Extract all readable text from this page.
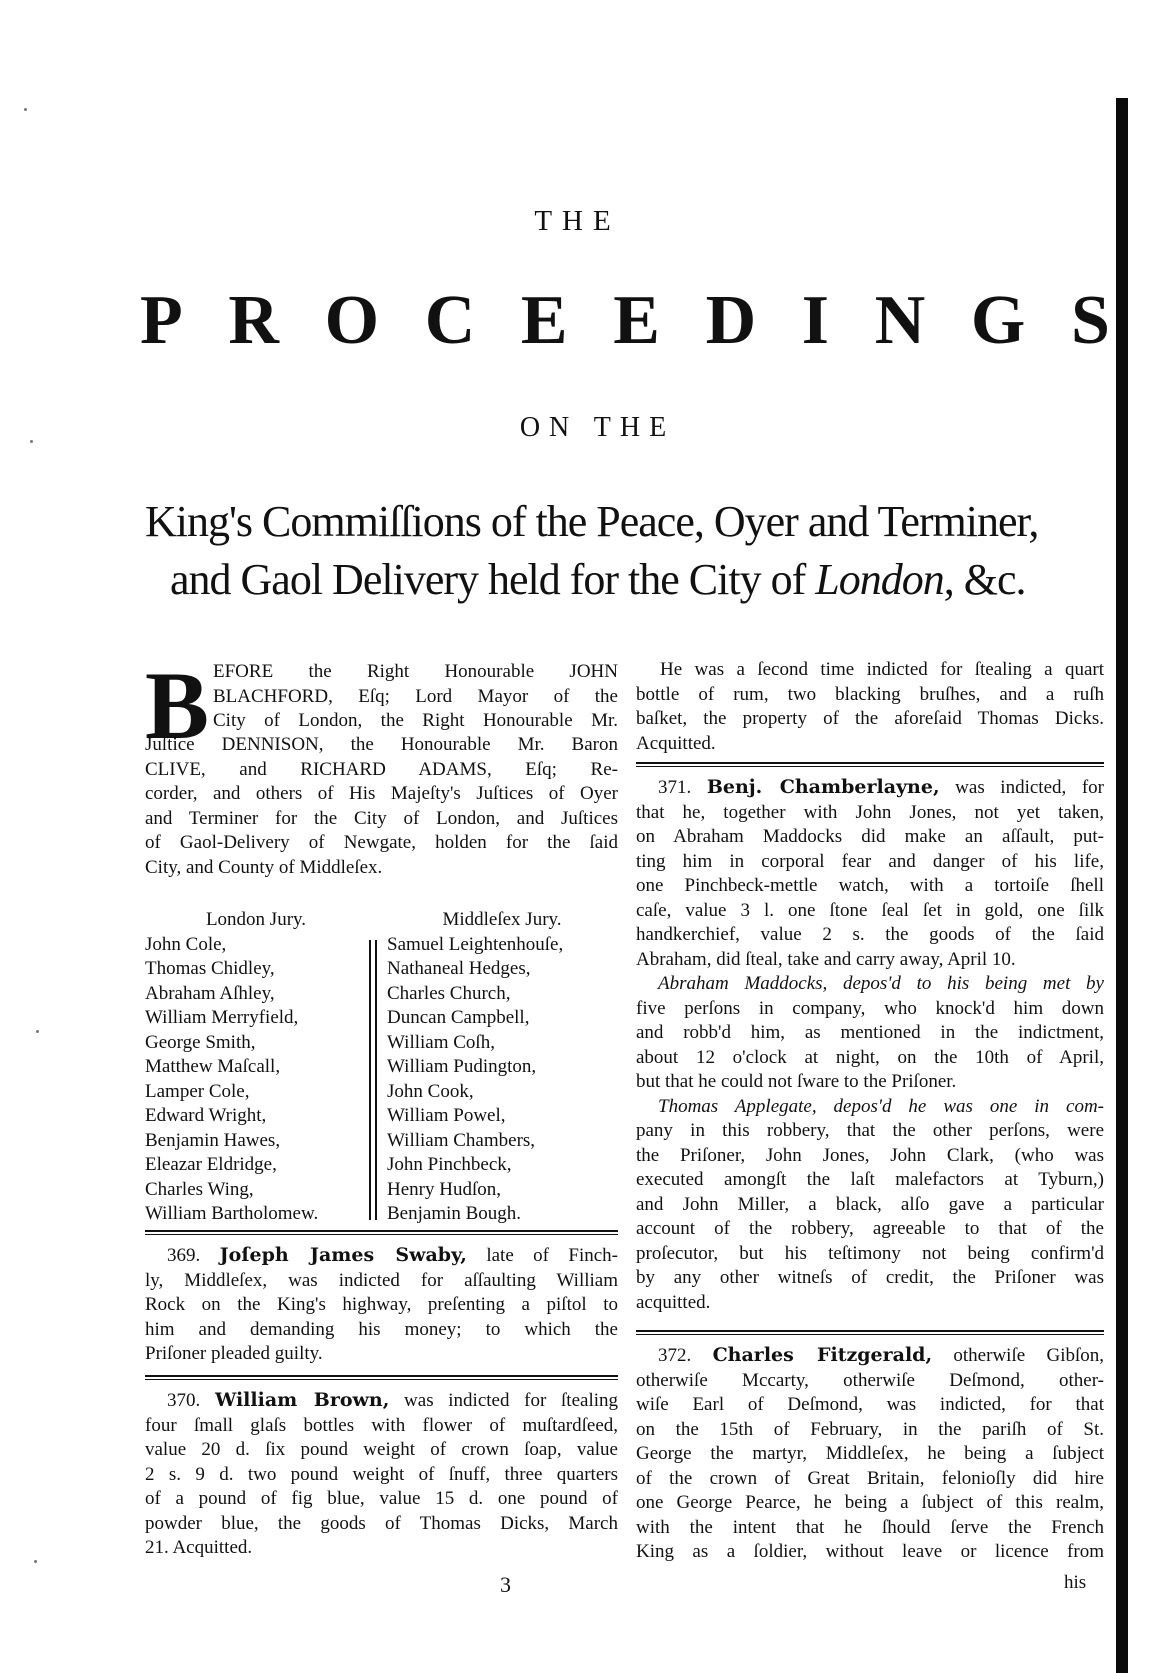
THE
P R O C E E D I N G S
ON THE
King's Commiſſions of the Peace, Oyer and Terminer,
and Gaol Delivery held for the City of London, &c.
B EFORE the Right Honourable JOHN
BLACHFORD, Eſq; Lord Mayor of the
City of London, the Right Honourable Mr.
Juſtice DENNISON, the Honourable Mr. Baron
CLIVE, and RICHARD ADAMS, Eſq; Re-
corder, and others of His Majeſty's Juſtices of Oyer
and Terminer for the City of London, and Juſtices
of Gaol-Delivery of Newgate, holden for the ſaid
City, and County of Middleſex.
London Jury.
John Cole,
Thomas Chidley,
Abraham Aſhley,
William Merryfield,
George Smith,
Matthew Maſcall,
Lamper Cole,
Edward Wright,
Benjamin Hawes,
Eleazar Eldridge,
Charles Wing,
William Bartholomew.
Middleſex Jury.
Samuel Leightenhouſe,
Nathaneal Hedges,
Charles Church,
Duncan Campbell,
William Coſh,
William Pudington,
John Cook,
William Powel,
William Chambers,
John Pinchbeck,
Henry Hudſon,
Benjamin Bough.
369. Joſeph James Swaby, late of Finch-
ly, Middleſex, was indicted for aſſaulting William
Rock on the King's highway, preſenting a piſtol to
him and demanding his money; to which the
Priſoner pleaded guilty.
370. William Brown, was indicted for ſtealing
four ſmall glaſs bottles with flower of muſtardſeed,
value 20 d. ſix pound weight of crown ſoap, value
2 s. 9 d. two pound weight of ſnuff, three quarters
of a pound of fig blue, value 15 d. one pound of
powder blue, the goods of Thomas Dicks, March
21. Acquitted.
He was a ſecond time indicted for ſtealing a quart
bottle of rum, two blacking bruſhes, and a ruſh
baſket, the property of the aforeſaid Thomas Dicks.
Acquitted.
371. Benj. Chamberlayne, was indicted, for
that he, together with John Jones, not yet taken,
on Abraham Maddocks did make an aſſault, put-
ting him in corporal fear and danger of his life,
one Pinchbeck-mettle watch, with a tortoiſe ſhell
caſe, value 3 l. one ſtone ſeal ſet in gold, one ſilk
handkerchief, value 2 s. the goods of the ſaid
Abraham, did ſteal, take and carry away, April 10.
Abraham Maddocks, depos'd to his being met by
five perſons in company, who knock'd him down
and robb'd him, as mentioned in the indictment,
about 12 o'clock at night, on the 10th of April,
but that he could not ſware to the Priſoner.
Thomas Applegate, depos'd he was one in com-
pany in this robbery, that the other perſons, were
the Priſoner, John Jones, John Clark, (who was
executed amongſt the laſt malefactors at Tyburn,)
and John Miller, a black, alſo gave a particular
account of the robbery, agreeable to that of the
proſecutor, but his teſtimony not being confirm'd
by any other witneſs of credit, the Priſoner was
acquitted.
372. Charles Fitzgerald, otherwiſe Gibſon,
otherwiſe Mccarty, otherwiſe Deſmond, other-
wiſe Earl of Deſmond, was indicted, for that
on the 15th of February, in the pariſh of St.
George the martyr, Middleſex, he being a ſubject
of the crown of Great Britain, felonioſly did hire
one George Pearce, he being a ſubject of this realm,
with the intent that he ſhould ſerve the French
King as a ſoldier, without leave or licence from
3	his
